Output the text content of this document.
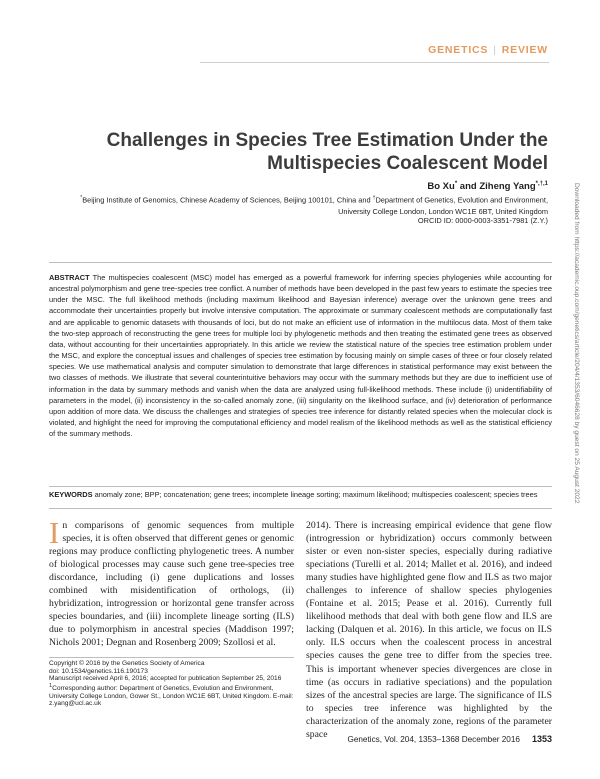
GENETICS | REVIEW
Challenges in Species Tree Estimation Under the Multispecies Coalescent Model
Bo Xu* and Ziheng Yang$^{*,\dagger,1}$
*Beijing Institute of Genomics, Chinese Academy of Sciences, Beijing 100101, China and †Department of Genetics, Evolution and Environment, University College London, London WC1E 6BT, United Kingdom
ORCID ID: 0000-0003-3351-7981 (Z.Y.)
ABSTRACT The multispecies coalescent (MSC) model has emerged as a powerful framework for inferring species phylogenies while accounting for ancestral polymorphism and gene tree-species tree conflict. A number of methods have been developed in the past few years to estimate the species tree under the MSC. The full likelihood methods (including maximum likelihood and Bayesian inference) average over the unknown gene trees and accommodate their uncertainties properly but involve intensive computation. The approximate or summary coalescent methods are computationally fast and are applicable to genomic datasets with thousands of loci, but do not make an efficient use of information in the multilocus data. Most of them take the two-step approach of reconstructing the gene trees for multiple loci by phylogenetic methods and then treating the estimated gene trees as observed data, without accounting for their uncertainties appropriately. In this article we review the statistical nature of the species tree estimation problem under the MSC, and explore the conceptual issues and challenges of species tree estimation by focusing mainly on simple cases of three or four closely related species. We use mathematical analysis and computer simulation to demonstrate that large differences in statistical performance may exist between the two classes of methods. We illustrate that several counterintuitive behaviors may occur with the summary methods but they are due to inefficient use of information in the data by summary methods and vanish when the data are analyzed using full-likelihood methods. These include (i) unidentifiability of parameters in the model, (ii) inconsistency in the so-called anomaly zone, (iii) singularity on the likelihood surface, and (iv) deterioration of performance upon addition of more data. We discuss the challenges and strategies of species tree inference for distantly related species when the molecular clock is violated, and highlight the need for improving the computational efficiency and model realism of the likelihood methods as well as the statistical efficiency of the summary methods.
KEYWORDS anomaly zone; BPP; concatenation; gene trees; incomplete lineage sorting; maximum likelihood; multispecies coalescent; species trees
In comparisons of genomic sequences from multiple species, it is often observed that different genes or genomic regions may produce conflicting phylogenetic trees. A number of biological processes may cause such gene tree-species tree discordance, including (i) gene duplications and losses combined with misidentification of orthologs, (ii) hybridization, introgression or horizontal gene transfer across species boundaries, and (iii) incomplete lineage sorting (ILS) due to polymorphism in ancestral species (Maddison 1997; Nichols 2001; Degnan and Rosenberg 2009; Szollosi et al.
2014). There is increasing empirical evidence that gene flow (introgression or hybridization) occurs commonly between sister or even non-sister species, especially during radiative speciations (Turelli et al. 2014; Mallet et al. 2016), and indeed many studies have highlighted gene flow and ILS as two major challenges to inference of shallow species phylogenies (Fontaine et al. 2015; Pease et al. 2016). Currently full likelihood methods that deal with both gene flow and ILS are lacking (Dalquen et al. 2016). In this article, we focus on ILS only. ILS occurs when the coalescent process in ancestral species causes the gene tree to differ from the species tree. This is important whenever species divergences are close in time (as occurs in radiative speciations) and the population sizes of the ancestral species are large. The significance of ILS to species tree inference was highlighted by the characterization of the anomaly zone, regions of the parameter space
Copyright © 2016 by the Genetics Society of America
doi: 10.1534/genetics.116.190173
Manuscript received April 6, 2016; accepted for publication September 25, 2016
$^1$Corresponding author: Department of Genetics, Evolution and Environment, University College London, Gower St., London WC1E 6BT, United Kingdom. E-mail: z.yang@ucl.ac.uk
Genetics, Vol. 204, 1353–1368 December 2016 1353
Downloaded from https://academic.oup.com/genetics/article/204/4/1353/6046628 by guest on 25 August 2022
